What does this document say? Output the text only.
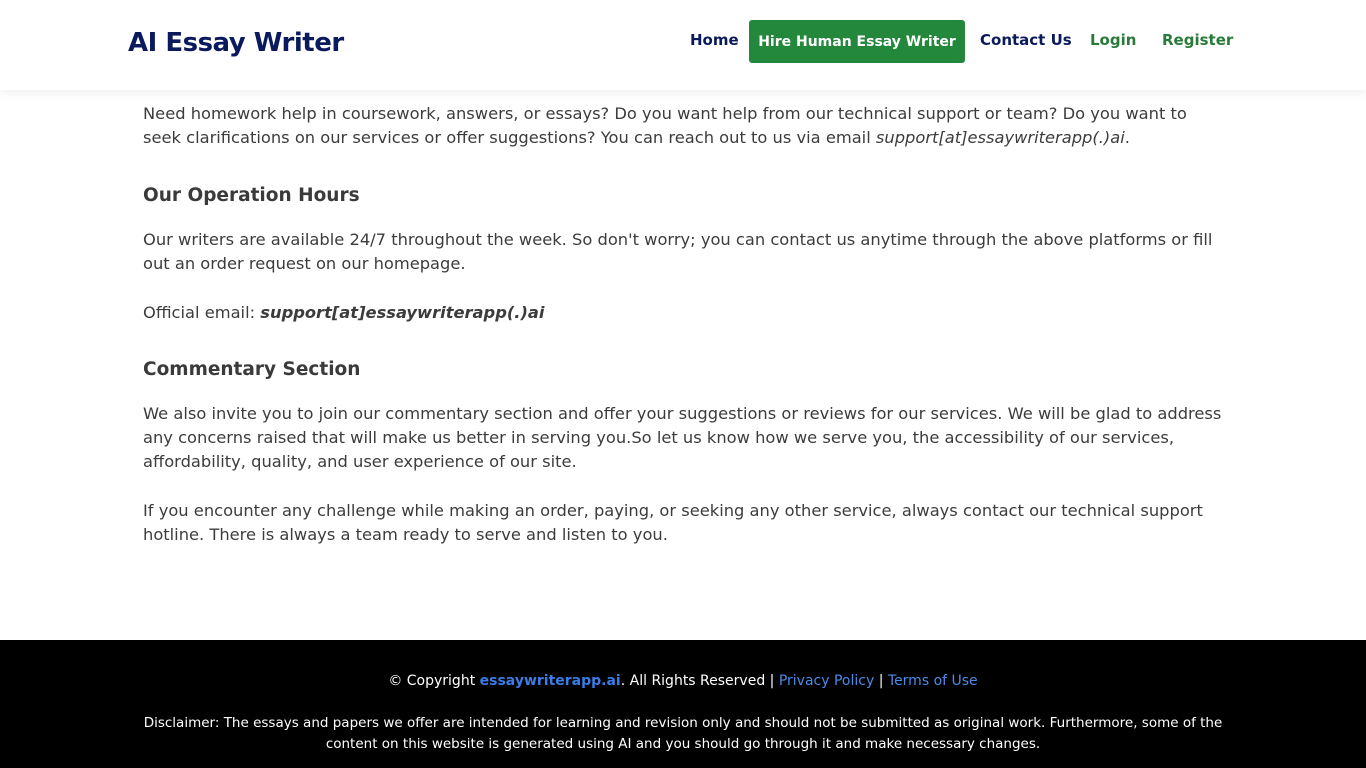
AI Essay Writer	Home	Hire Human Essay Writer	Contact Us Login Register

Need homework help in coursework, answers, or essays? Do you want help from our technical support or team? Do you want to seek clarifications on our services or offer suggestions? You can reach out to us via email support[at]essaywriterapp(.)ai.

Our Operation Hours

Our writers are available 24/7 throughout the week. So don't worry; you can contact us anytime through the above platforms or fill out an order request on our homepage.

Official email: support[at]essaywriterapp(.)ai

Commentary Section

We also invite you to join our commentary section and offer your suggestions or reviews for our services. We will be glad to address any concerns raised that will make us better in serving you.So let us know how we serve you, the accessibility of our services, affordability, quality, and user experience of our site.

If you encounter any challenge while making an order, paying, or seeking any other service, always contact our technical support hotline. There is always a team ready to serve and listen to you.

© Copyright essaywriterapp.ai. All Rights Reserved | Privacy Policy | Terms of Use
Disclaimer: The essays and papers we offer are intended for learning and revision only and should not be submitted as original work. Furthermore, some of the content on this website is generated using AI and you should go through it and make necessary changes.
